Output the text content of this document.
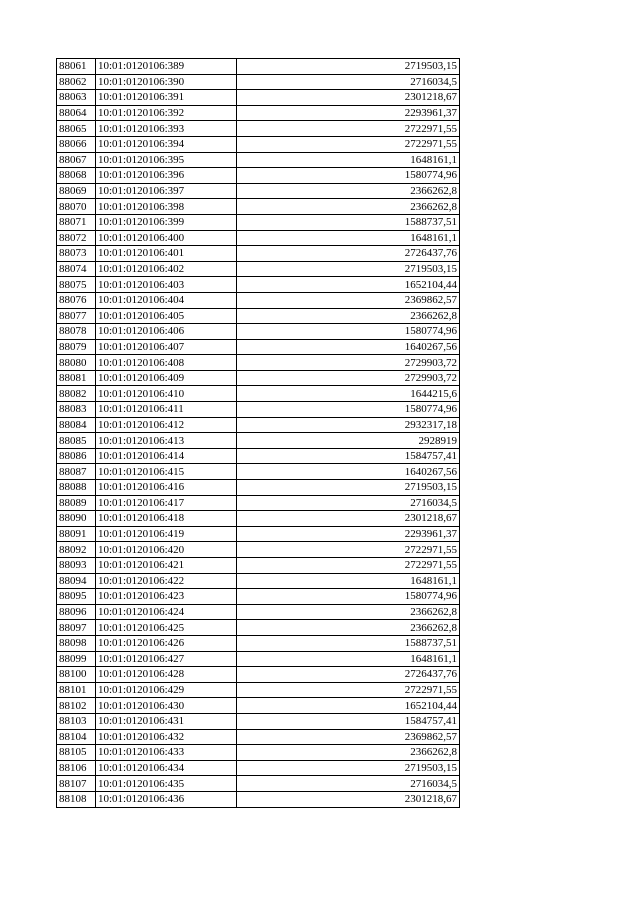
88061	10:01:0120106:389	2719503,15
88062	10:01:0120106:390	2716034,5
88063	10:01:0120106:391	2301218,67
88064	10:01:0120106:392	2293961,37
88065	10:01:0120106:393	2722971,55
88066	10:01:0120106:394	2722971,55
88067	10:01:0120106:395	1648161,1
88068	10:01:0120106:396	1580774,96
88069	10:01:0120106:397	2366262,8
88070	10:01:0120106:398	2366262,8
88071	10:01:0120106:399	1588737,51
88072	10:01:0120106:400	1648161,1
88073	10:01:0120106:401	2726437,76
88074	10:01:0120106:402	2719503,15
88075	10:01:0120106:403	1652104,44
88076	10:01:0120106:404	2369862,57
88077	10:01:0120106:405	2366262,8
88078	10:01:0120106:406	1580774,96
88079	10:01:0120106:407	1640267,56
88080	10:01:0120106:408	2729903,72
88081	10:01:0120106:409	2729903,72
88082	10:01:0120106:410	1644215,6
88083	10:01:0120106:411	1580774,96
88084	10:01:0120106:412	2932317,18
88085	10:01:0120106:413	2928919
88086	10:01:0120106:414	1584757,41
88087	10:01:0120106:415	1640267,56
88088	10:01:0120106:416	2719503,15
88089	10:01:0120106:417	2716034,5
88090	10:01:0120106:418	2301218,67
88091	10:01:0120106:419	2293961,37
88092	10:01:0120106:420	2722971,55
88093	10:01:0120106:421	2722971,55
88094	10:01:0120106:422	1648161,1
88095	10:01:0120106:423	1580774,96
88096	10:01:0120106:424	2366262,8
88097	10:01:0120106:425	2366262,8
88098	10:01:0120106:426	1588737,51
88099	10:01:0120106:427	1648161,1
88100	10:01:0120106:428	2726437,76
88101	10:01:0120106:429	2722971,55
88102	10:01:0120106:430	1652104,44
88103	10:01:0120106:431	1584757,41
88104	10:01:0120106:432	2369862,57
88105	10:01:0120106:433	2366262,8
88106	10:01:0120106:434	2719503,15
88107	10:01:0120106:435	2716034,5
88108	10:01:0120106:436	2301218,67
